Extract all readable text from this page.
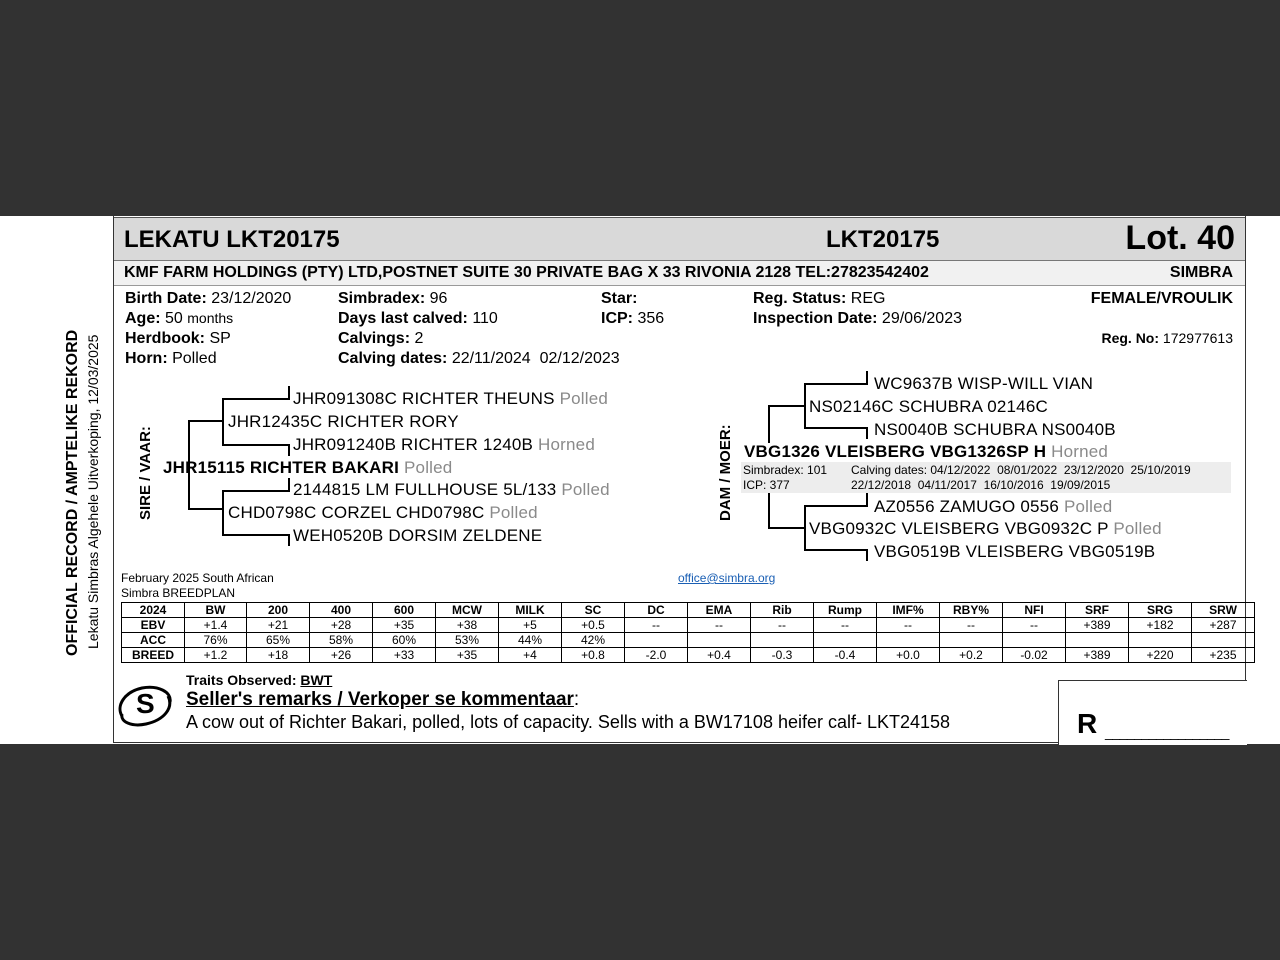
OFFICIAL RECORD / AMPTELIKE REKORD Lekatu Simbras Algehele Uitverkoping, 12/03/2025
LEKATU LKT20175	LKT20175	Lot. 40
KMF FARM HOLDINGS (PTY) LTD,POSTNET SUITE 30 PRIVATE BAG X 33 RIVONIA 2128 TEL:27823542402	SIMBRA
Birth Date: 23/12/2020
Age: 50 months
Herdbook: SP
Horn: Polled
Simbradex: 96
Days last calved: 110
Calvings: 2
Calving dates: 22/11/2024  02/12/2023
Star:
ICP: 356
Reg. Status: REG
Inspection Date: 29/06/2023
FEMALE/VROULIK
Reg. No: 172977613
SIRE / VAAR:
JHR091308C RICHTER THEUNS Polled
JHR12435C RICHTER RORY
JHR091240B RICHTER 1240B Horned
JHR15115 RICHTER BAKARI Polled
2144815 LM FULLHOUSE 5L/133 Polled
CHD0798C CORZEL CHD0798C Polled
WEH0520B DORSIM ZELDENE
DAM / MOER:
WC9637B WISP-WILL VIAN
NS02146C SCHUBRA 02146C
NS0040B SCHUBRA NS0040B
VBG1326 VLEISBERG VBG1326SP H Horned
Simbradex: 101
ICP: 377
Calving dates: 04/12/2022  08/01/2022  23/12/2020  25/10/2019
22/12/2018  04/11/2017  16/10/2016  19/09/2015
AZ0556 ZAMUGO 0556 Polled
VBG0932C VLEISBERG VBG0932C P Polled
VBG0519B VLEISBERG VBG0519B
February 2025 South African
Simbra BREEDPLAN
office@simbra.org
2024	BW	200	400	600	MCW	MILK	SC	DC	EMA	Rib	Rump	IMF%	RBY%	NFI	SRF	SRG	SRW
EBV	+1.4	+21	+28	+35	+38	+5	+0.5	--	--	--	--	--	--	--	+389	+182	+287
ACC	76%	65%	58%	60%	53%	44%	42%										
BREED	+1.2	+18	+26	+33	+35	+4	+0.8	-2.0	+0.4	-0.3	-0.4	+0.0	+0.2	-0.02	+389	+220	+235
S
Traits Observed: BWT
Seller's remarks / Verkoper se kommentaar:
A cow out of Richter Bakari, polled, lots of capacity. Sells with a BW17108 heifer calf- LKT24158	R _________________
